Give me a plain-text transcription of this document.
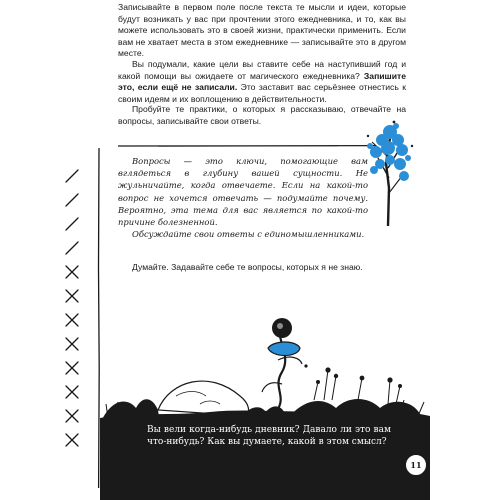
Записывайте в первом поле после текста те мысли и идеи, которые будут возникать у вас при прочтении этого ежедневника, и то, как вы можете использовать это в своей жизни, практически применить. Если вам не хватает места в этом ежедневнике — записывайте это в другом месте.

Вы подумали, какие цели вы ставите себе на наступивший год и какой помощи вы ожидаете от магического ежедневника? Запишите это, если ещё не записали. Это заставит вас серьёзнее отнестись к своим идеям и их воплощению в действительности.

Пробуйте те практики, о которых я рассказываю, отвечайте на вопросы, записывайте свои ответы.

Вопросы — это ключи, помогающие вам вглядеться в глубину вашей сущности. Не жульничайте, когда отвечаете. Если на какой-то вопрос не хочется отвечать — подумайте почему. Вероятно, эта тема для вас является по какой-то причине болезненной.

Обсуждайте свои ответы с единомышленниками.

Думайте. Задавайте себе те вопросы, которых я не знаю.

Вы вели когда-нибудь дневник? Давало ли это вам что-нибудь? Как вы думаете, какой в этом смысл?

11
